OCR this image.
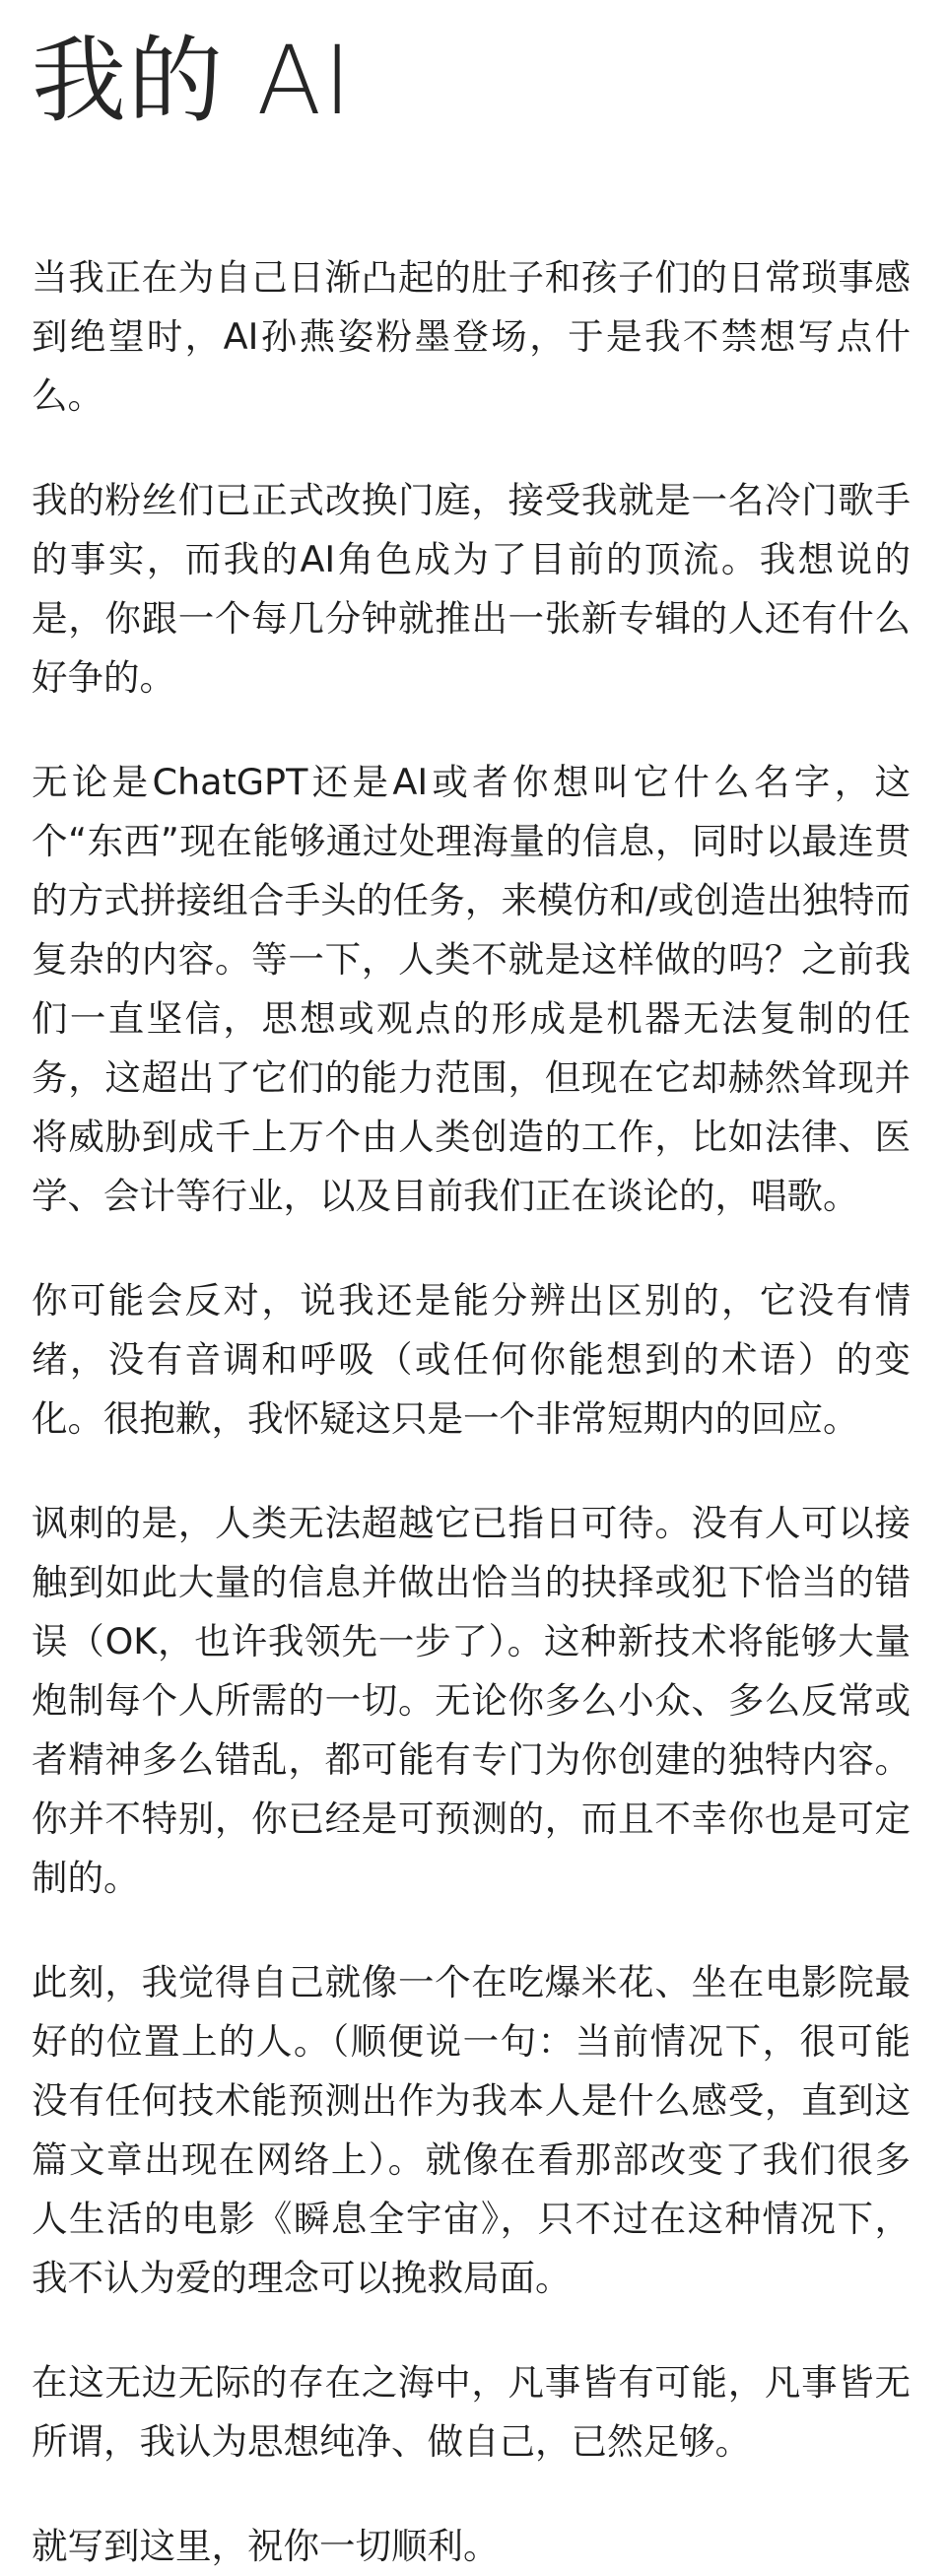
我的 AI

当我正在为自己日渐凸起的肚子和孩子们的日常琐事感到绝望时，AI孙燕姿粉墨登场，于是我不禁想写点什么。

我的粉丝们已正式改换门庭，接受我就是一名冷门歌手的事实，而我的AI角色成为了目前的顶流。我想说的是，你跟一个每几分钟就推出一张新专辑的人还有什么好争的。

无论是ChatGPT还是AI或者你想叫它什么名字，这个“东西”现在能够通过处理海量的信息，同时以最连贯的方式拼接组合手头的任务，来模仿和/或创造出独特而复杂的内容。等一下，人类不就是这样做的吗？之前我们一直坚信，思想或观点的形成是机器无法复制的任务，这超出了它们的能力范围，但现在它却赫然耸现并将威胁到成千上万个由人类创造的工作，比如法律、医学、会计等行业，以及目前我们正在谈论的，唱歌。

你可能会反对，说我还是能分辨出区别的，它没有情绪，没有音调和呼吸（或任何你能想到的术语）的变化。很抱歉，我怀疑这只是一个非常短期内的回应。

讽刺的是，人类无法超越它已指日可待。没有人可以接触到如此大量的信息并做出恰当的抉择或犯下恰当的错误（OK，也许我领先一步了）。这种新技术将能够大量炮制每个人所需的一切。无论你多么小众、多么反常或者精神多么错乱，都可能有专门为你创建的独特内容。你并不特别，你已经是可预测的，而且不幸你也是可定制的。

此刻，我觉得自己就像一个在吃爆米花、坐在电影院最好的位置上的人。（顺便说一句：当前情况下，很可能没有任何技术能预测出作为我本人是什么感受，直到这篇文章出现在网络上）。就像在看那部改变了我们很多人生活的电影《瞬息全宇宙》，只不过在这种情况下，我不认为爱的理念可以挽救局面。

在这无边无际的存在之海中，凡事皆有可能，凡事皆无所谓，我认为思想纯净、做自己，已然足够。

就写到这里，祝你一切顺利。
